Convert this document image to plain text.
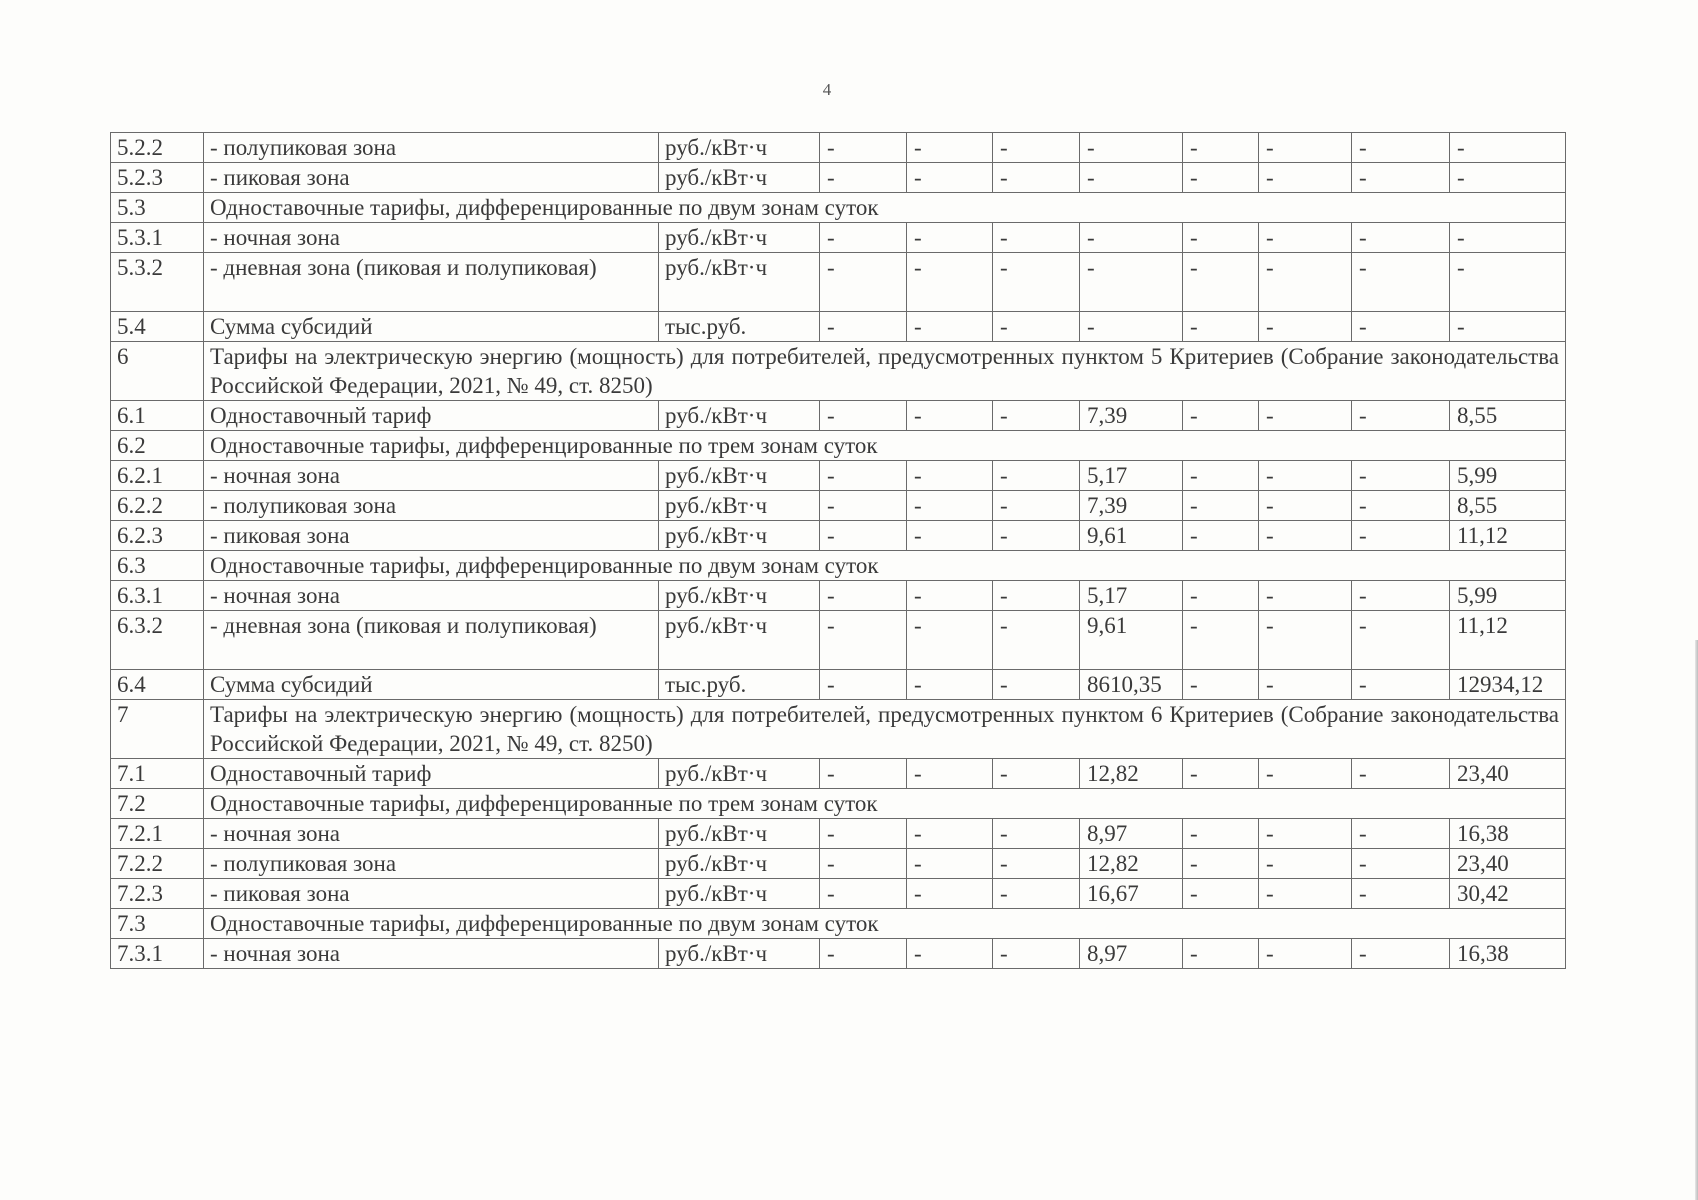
4
5.2.2	- полупиковая зона	руб./кВт·ч	-	-	-	-	-	-	-	-
5.2.3	- пиковая зона	руб./кВт·ч	-	-	-	-	-	-	-	-
5.3	Одноставочные тарифы, дифференцированные по двум зонам суток									
5.3.1	- ночная зона	руб./кВт·ч	-	-	-	-	-	-	-	-
5.3.2	- дневная зона (пиковая и полупиковая)	руб./кВт·ч	-	-	-	-	-	-	-	-
5.4	Сумма субсидий	тыс.руб.	-	-	-	-	-	-	-	-
6	Тарифы на электрическую энергию (мощность) для потребителей, предусмотренных пунктом 5 Критериев (Собрание законодательства Российской Федерации, 2021, № 49, ст. 8250)									
6.1	Одноставочный тариф	руб./кВт·ч	-	-	-	7,39	-	-	-	8,55
6.2	Одноставочные тарифы, дифференцированные по трем зонам суток									
6.2.1	- ночная зона	руб./кВт·ч	-	-	-	5,17	-	-	-	5,99
6.2.2	- полупиковая зона	руб./кВт·ч	-	-	-	7,39	-	-	-	8,55
6.2.3	- пиковая зона	руб./кВт·ч	-	-	-	9,61	-	-	-	11,12
6.3	Одноставочные тарифы, дифференцированные по двум зонам суток									
6.3.1	- ночная зона	руб./кВт·ч	-	-	-	5,17	-	-	-	5,99
6.3.2	- дневная зона (пиковая и полупиковая)	руб./кВт·ч	-	-	-	9,61	-	-	-	11,12
6.4	Сумма субсидий	тыс.руб.	-	-	-	8610,35	-	-	-	12934,12
7	Тарифы на электрическую энергию (мощность) для потребителей, предусмотренных пунктом 6 Критериев (Собрание законодательства Российской Федерации, 2021, № 49, ст. 8250)									
7.1	Одноставочный тариф	руб./кВт·ч	-	-	-	12,82	-	-	-	23,40
7.2	Одноставочные тарифы, дифференцированные по трем зонам суток									
7.2.1	- ночная зона	руб./кВт·ч	-	-	-	8,97	-	-	-	16,38
7.2.2	- полупиковая зона	руб./кВт·ч	-	-	-	12,82	-	-	-	23,40
7.2.3	- пиковая зона	руб./кВт·ч	-	-	-	16,67	-	-	-	30,42
7.3	Одноставочные тарифы, дифференцированные по двум зонам суток									
7.3.1	- ночная зона	руб./кВт·ч	-	-	-	8,97	-	-	-	16,38
